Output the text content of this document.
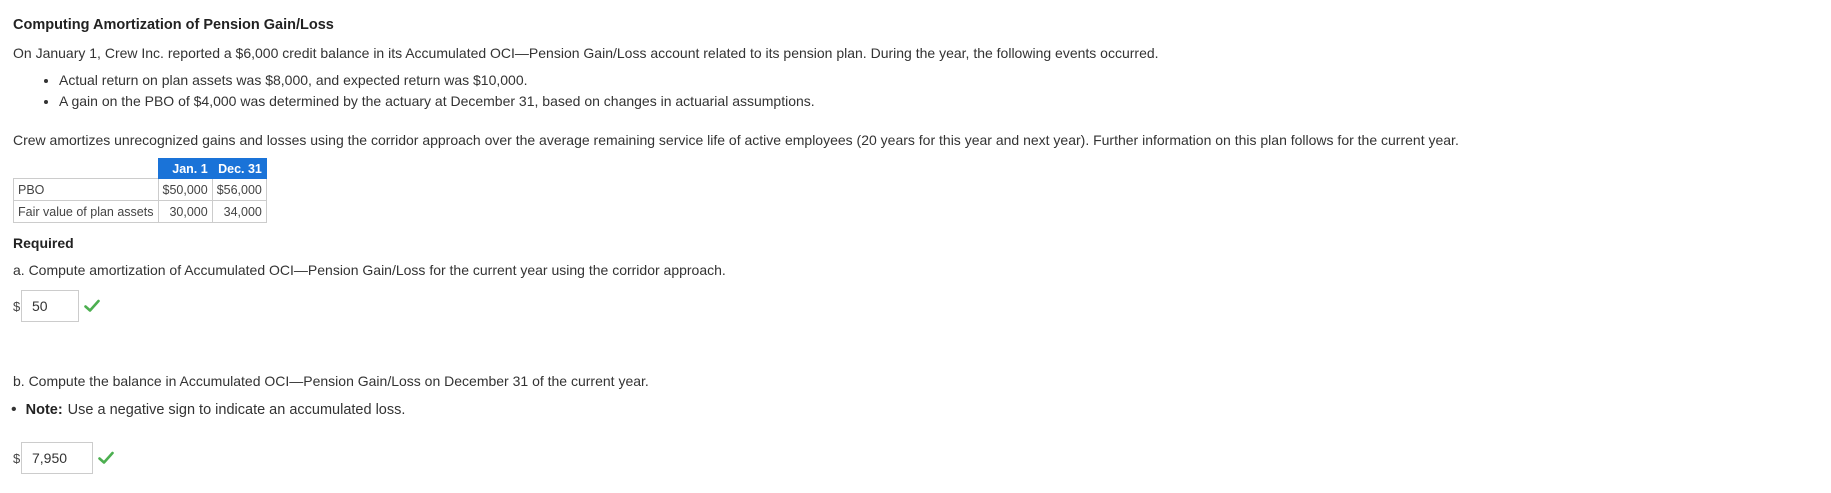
Computing Amortization of Pension Gain/Loss
On January 1, Crew Inc. reported a $6,000 credit balance in its Accumulated OCI—Pension Gain/Loss account related to its pension plan. During the year, the following events occurred.
• Actual return on plan assets was $8,000, and expected return was $10,000.
• A gain on the PBO of $4,000 was determined by the actuary at December 31, based on changes in actuarial assumptions.
Crew amortizes unrecognized gains and losses using the corridor approach over the average remaining service life of active employees (20 years for this year and next year). Further information on this plan follows for the current year.
	Jan. 1	Dec. 31
PBO	$50,000	$56,000
Fair value of plan assets	30,000	34,000
Required
a. Compute amortization of Accumulated OCI—Pension Gain/Loss for the current year using the corridor approach.
$
50
b. Compute the balance in Accumulated OCI—Pension Gain/Loss on December 31 of the current year.
• Note: Use a negative sign to indicate an accumulated loss.
$
7,950
